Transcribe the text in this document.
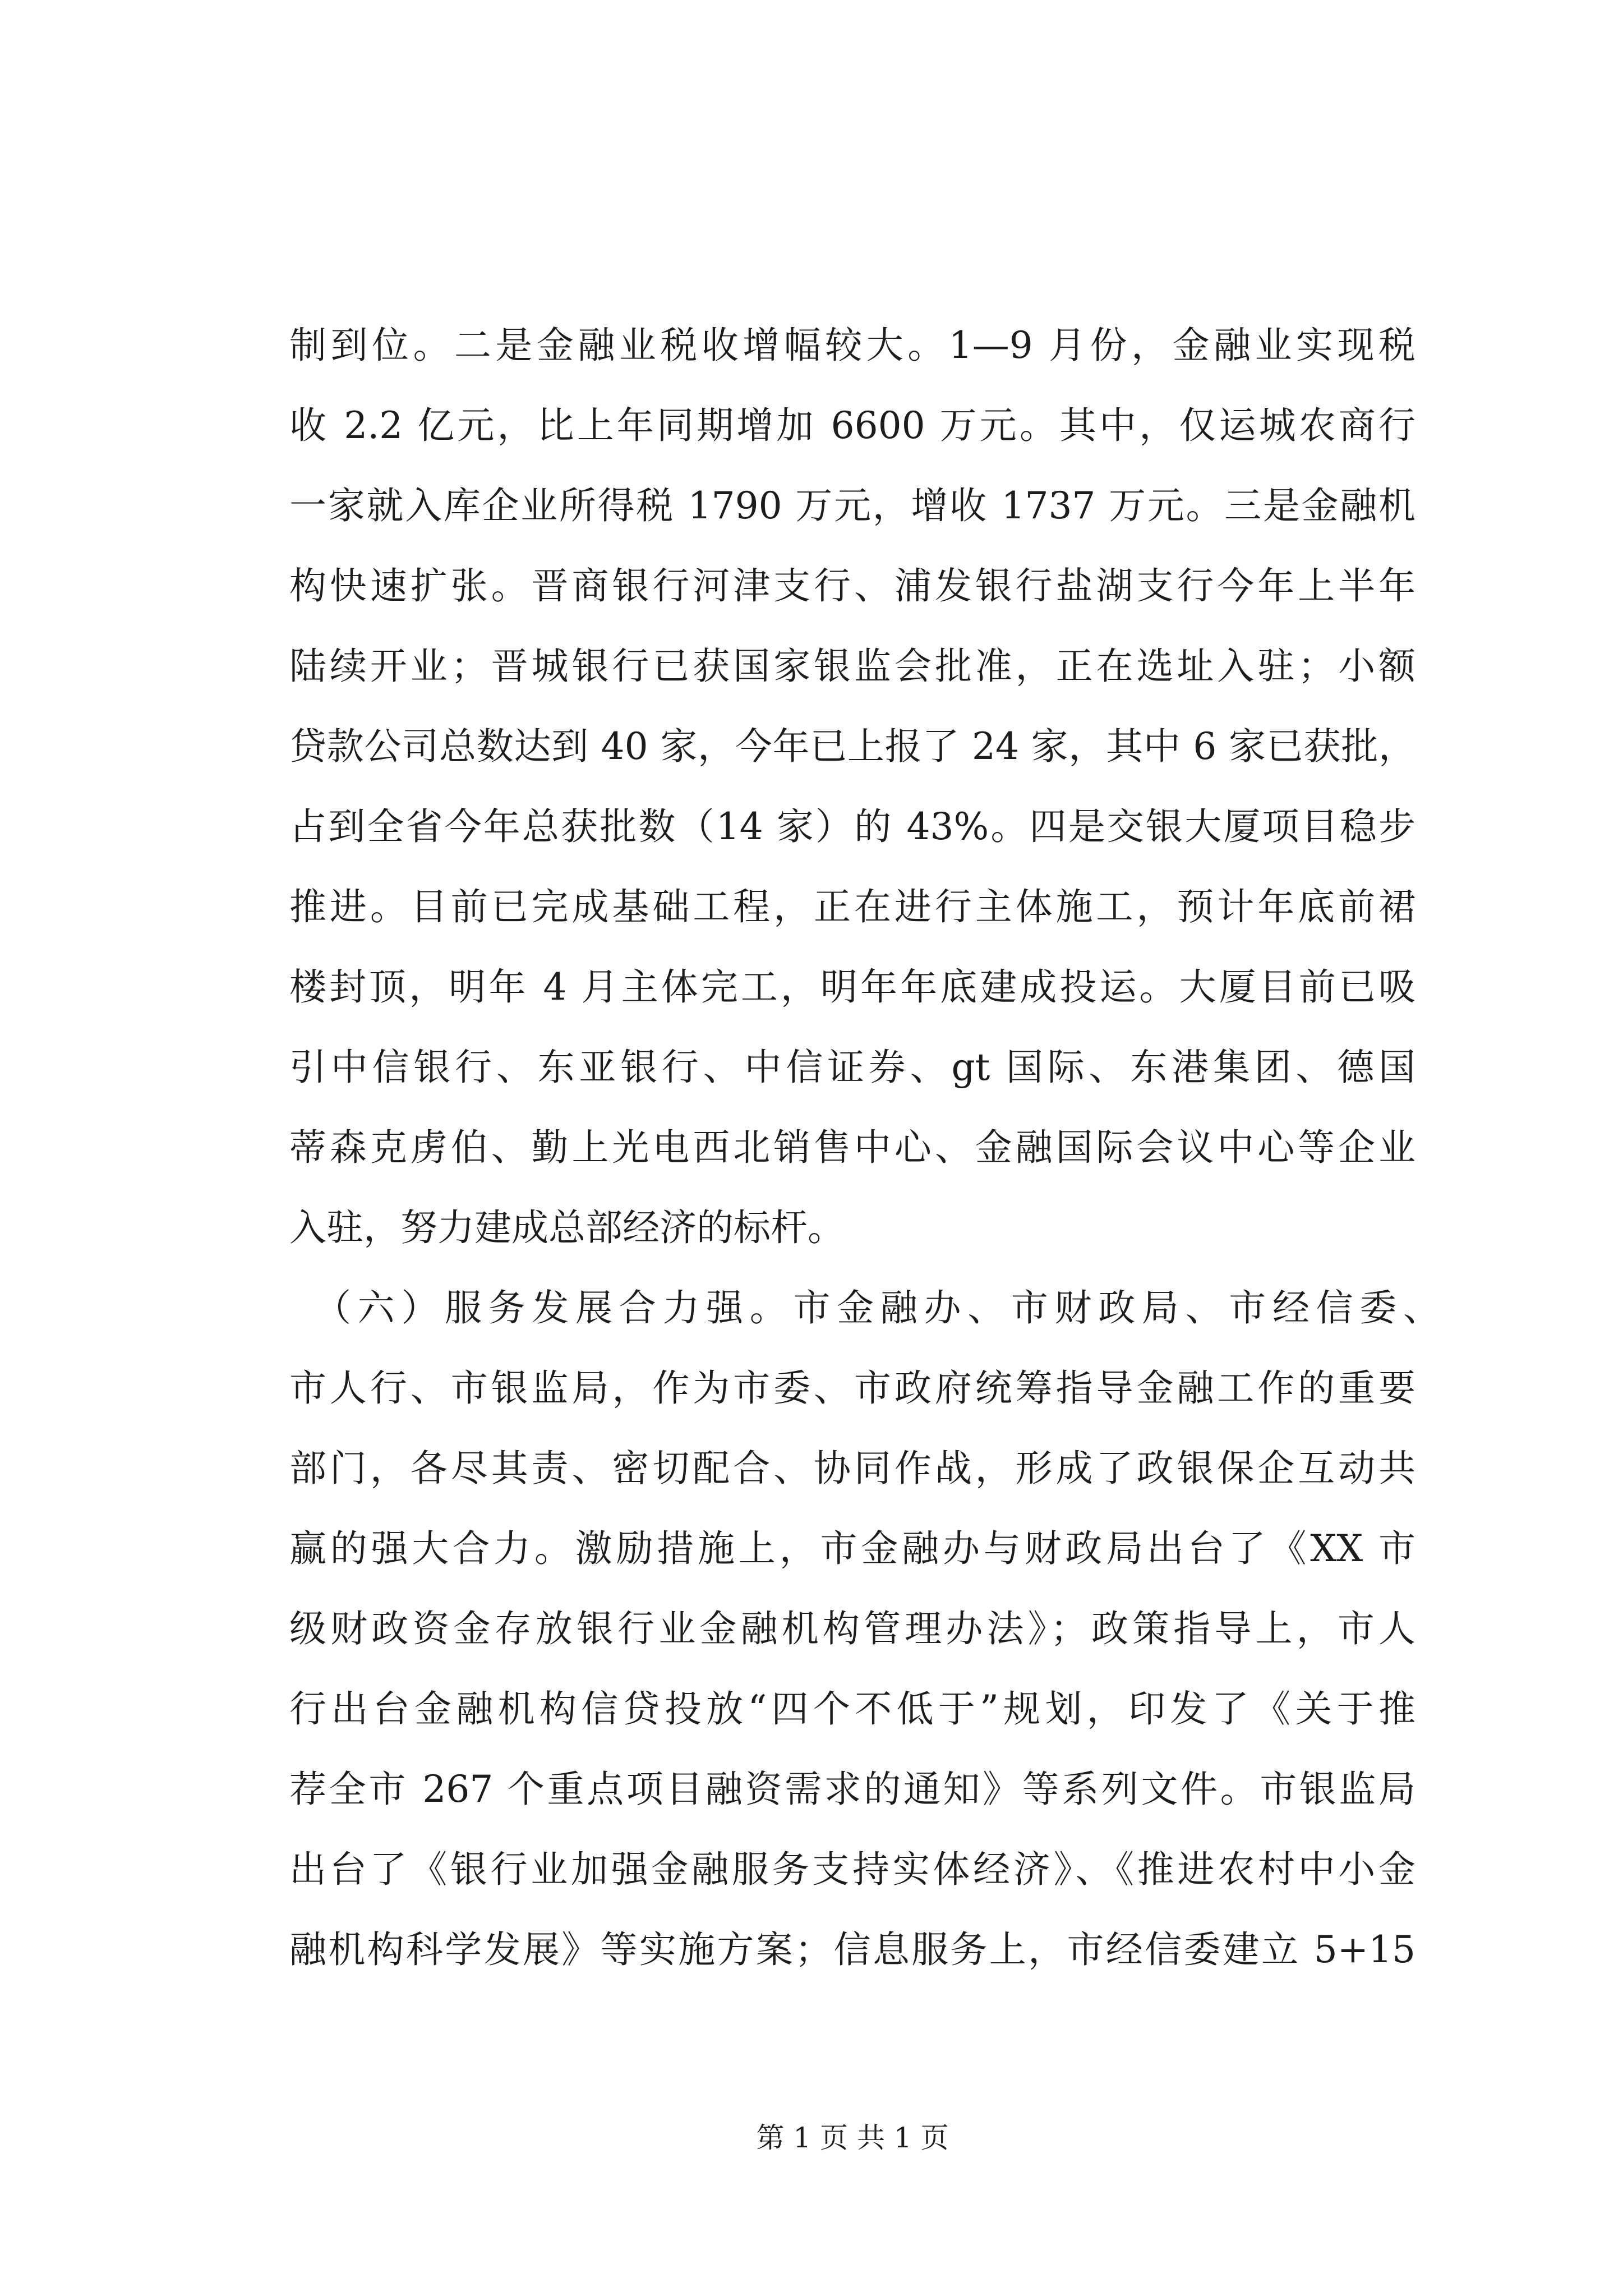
制到位。二是金融业税收增幅较大。1—9 月份，金融业实现税
收 2.2 亿元，比上年同期增加 6600 万元。其中，仅运城农商行
一家就入库企业所得税 1790 万元，增收 1737 万元。三是金融机
构快速扩张。晋商银行河津支行、浦发银行盐湖支行今年上半年
陆续开业；晋城银行已获国家银监会批准，正在选址入驻；小额
贷款公司总数达到 40 家，今年已上报了 24 家，其中 6 家已获批，
占到全省今年总获批数（14 家）的 43%。四是交银大厦项目稳步
推进。目前已完成基础工程，正在进行主体施工，预计年底前裙
楼封顶，明年 4 月主体完工，明年年底建成投运。大厦目前已吸
引中信银行、东亚银行、中信证券、gt 国际、东港集团、德国
蒂森克虏伯、勤上光电西北销售中心、金融国际会议中心等企业
入驻，努力建成总部经济的标杆。
（六）服务发展合力强。市金融办、市财政局、市经信委、
市人行、市银监局，作为市委、市政府统筹指导金融工作的重要
部门，各尽其责、密切配合、协同作战，形成了政银保企互动共
赢的强大合力。激励措施上，市金融办与财政局出台了《XX 市
级财政资金存放银行业金融机构管理办法》；政策指导上，市人
行出台金融机构信贷投放“四个不低于”规划，印发了《关于推
荐全市 267 个重点项目融资需求的通知》等系列文件。市银监局
出台了《银行业加强金融服务支持实体经济》、《推进农村中小金
融机构科学发展》等实施方案；信息服务上，市经信委建立 5+15
第 1 页 共 1 页
